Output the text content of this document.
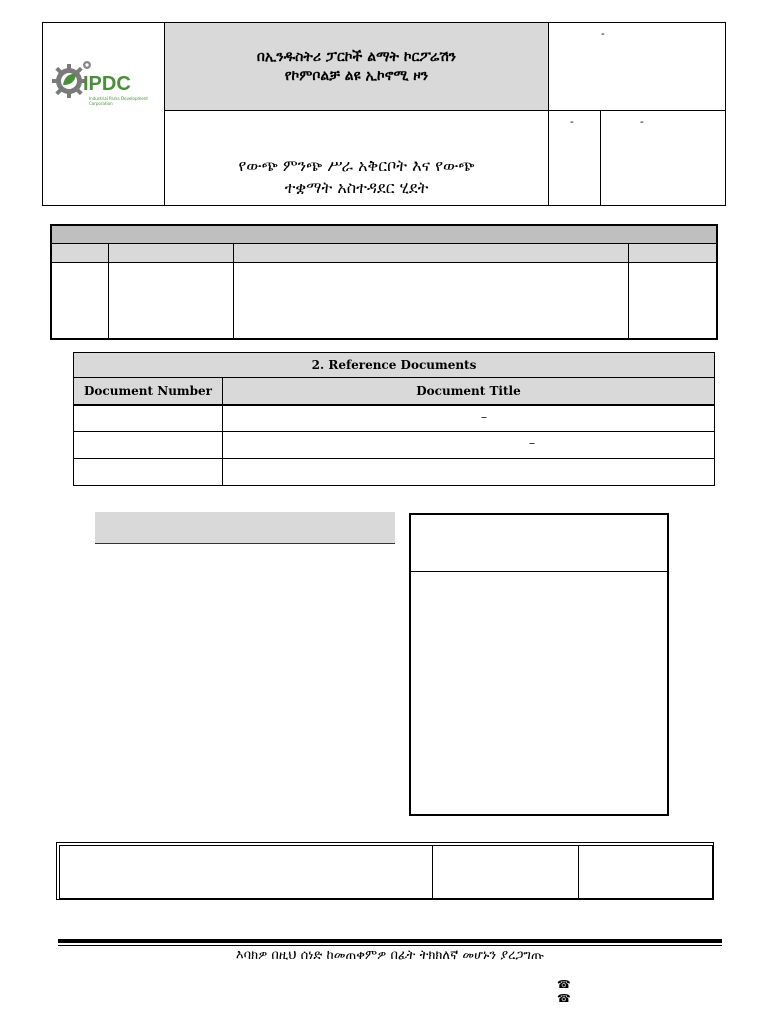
IPDC
Industrial Parks Development Corporation
በኢንዱስትሪ ፓርኮች ልማት ኮርፖሬሽን
የኮምቦልቻ ልዩ ኢኮኖሚ ዞን
የውጭ ምንጭ ሥራ አቅርቦት እና የውጭ
ተቋማት አስተዳደር ሂደት
-
-	-
2. Reference Documents
Document Number	Document Title
–
–
እባክዎ በዚህ ሰነድ ከመጠቀምዎ በፊት ትክክለኛ መሆኑን ያረጋግጡ
☎
☎
